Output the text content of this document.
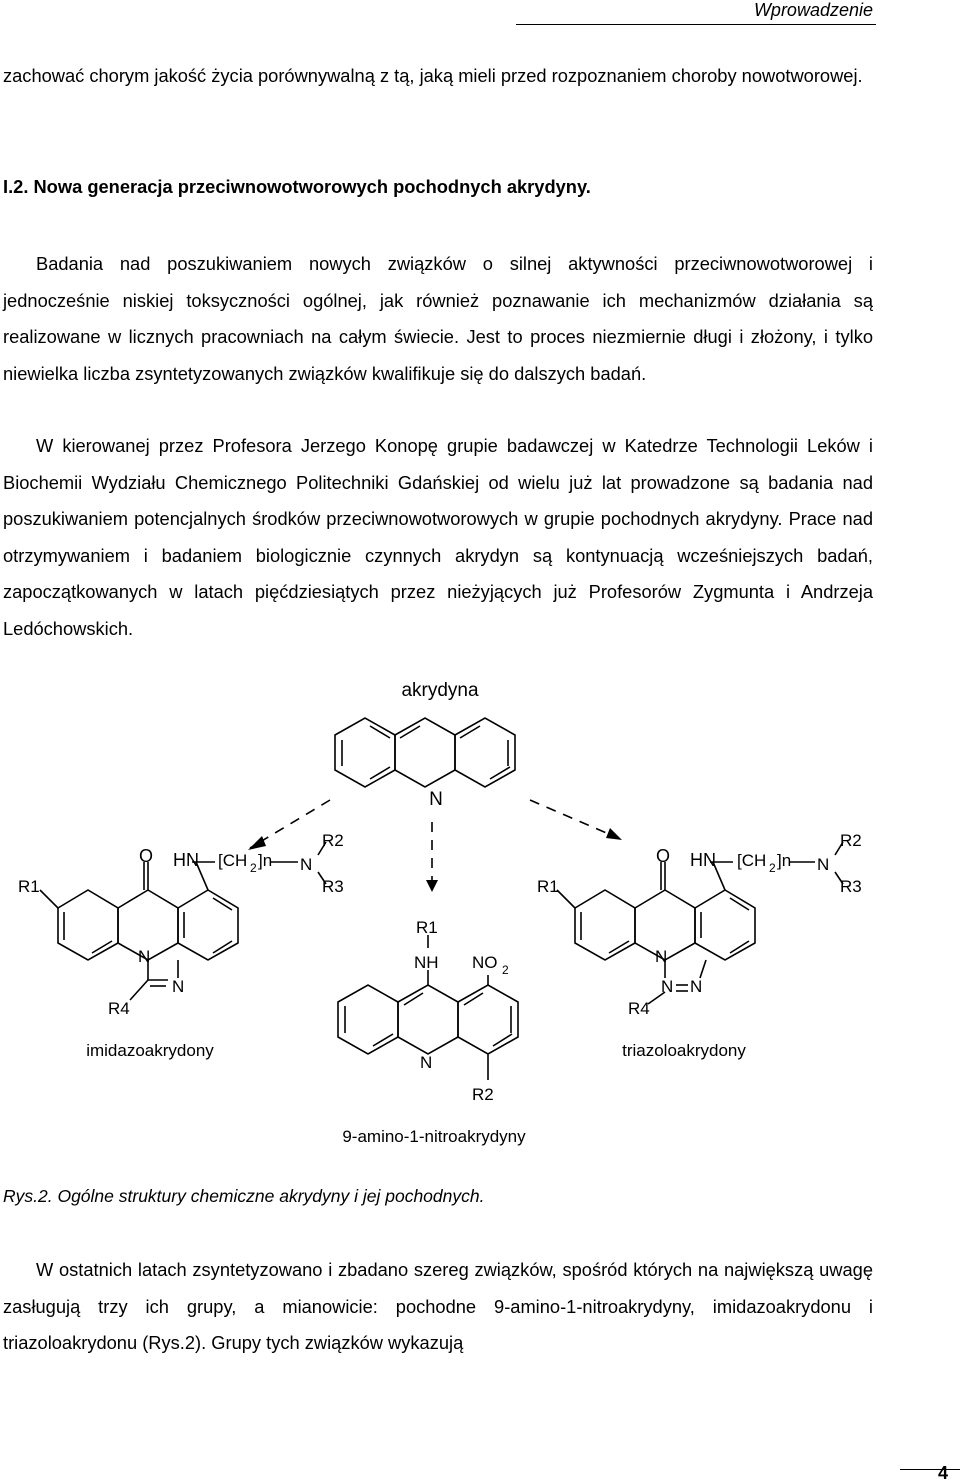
Wprowadzenie

zachować chorym jakość życia porównywalną z tą, jaką mieli przed rozpoznaniem choroby nowotworowej.

I.2. Nowa generacja przeciwnowotworowych pochodnych akrydyny.

Badania nad poszukiwaniem nowych związków o silnej aktywności przeciwnowotworowej i jednocześnie niskiej toksyczności ogólnej, jak również poznawanie ich mechanizmów działania są realizowane w licznych pracowniach na całym świecie. Jest to proces niezmiernie długi i złożony, i tylko niewielka liczba zsyntetyzowanych związków kwalifikuje się do dalszych badań.

W kierowanej przez Profesora Jerzego Konopę grupie badawczej w Katedrze Technologii Leków i Biochemii Wydziału Chemicznego Politechniki Gdańskiej od wielu już lat prowadzone są badania nad poszukiwaniem potencjalnych środków przeciwnowotworowych w grupie pochodnych akrydyny. Prace nad otrzymywaniem i badaniem biologicznie czynnych akrydyn są kontynuacją wcześniejszych badań, zapoczątkowanych w latach pięćdziesiątych przez nieżyjących już Profesorów Zygmunta i Andrzeja Ledóchowskich.

akrydyna
N
R1
O HN [CH 2 ]n N
R2
R3
N
N
R4
imidazoakrydony
R1
NH NO 2
N
R2
9-amino-1-nitroakrydyny
R1
O HN [CH 2 ]n N
R2
R3
N
N N
R4
triazoloakrydony
Rys.2. Ogólne struktury chemiczne akrydyny i jej pochodnych.

W ostatnich latach zsyntetyzowano i zbadano szereg związków, spośród których na największą uwagę zasługują trzy ich grupy, a mianowicie: pochodne 9-amino-1-nitroakrydyny, imidazoakrydonu i triazoloakrydonu (Rys.2). Grupy tych związków wykazują

4
